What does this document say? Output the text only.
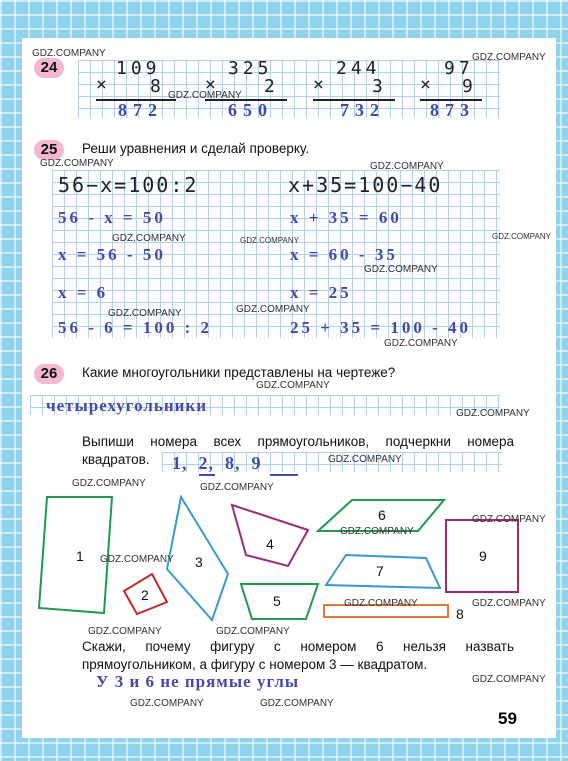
24
×
109
8
872
×
325
2
650
×
244
3
732
×
97
9
873
25	Реши уравнения и сделай проверку.
56−x=100:2	x+35=100−40
56 - x = 50
x = 56 - 50
x = 6
56 - 6 = 100 : 2
x + 35 = 60
x = 60 - 35
x = 25
25 + 35 = 100 - 40
26	Какие многоугольники представлены на чертеже?
четырехугольники
Выпиши номера всех прямоугольников, подчеркни номера квадратов.	1,  2,  8,  9
1
2
3
4
5
6
7
8
9
Скажи, почему фигуру с номером 6 нельзя назвать прямоугольником, а фигуру с номером 3 — квадратом.
У 3 и 6 не прямые углы
59
GDZ.COMPANY	GDZ.COMPANY
GDZ.COMPANY
GDZ.COMPANY	GDZ.COMPANY
GDZ.COMPANY	GDZ.COMPANY	GDZ.COMPANY
GDZ.COMPANY
GDZ.COMPANY	GDZ.COMPANY
GDZ.COMPANY
GDZ.COMPANY
GDZ.COMPANY
GDZ.COMPANY
GDZ.COMPANY	GDZ.COMPANY
GDZ.COMPANY
GDZ.COMPANY
GDZ.COMPANY
GDZ.COMPANY	GDZ.COMPANY
GDZ.COMPANY	GDZ.COMPANY
GDZ.COMPANY
GDZ.COMPANY	GDZ.COMPANY
